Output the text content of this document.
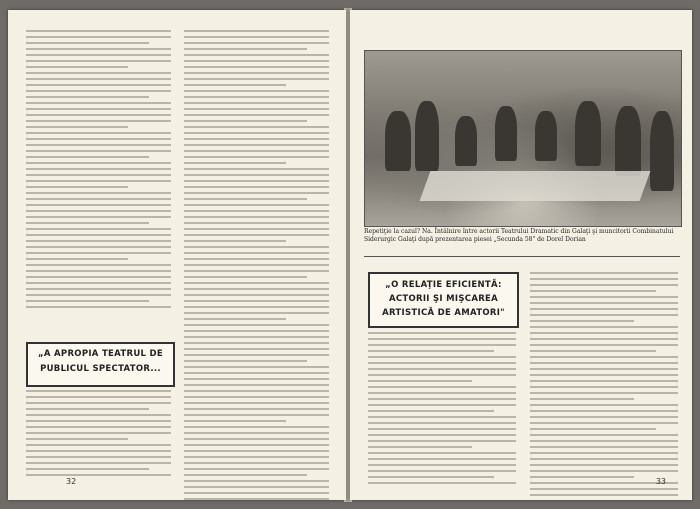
„A APROPIA TEATRUL DE
PUBLICUL SPECTATOR...
32
Repetiţie la cazul? Na. Întâlnire între actorii Teatrului Dramatic din Galaţi şi muncitorii Combinatului Siderurgic Galaţi după prezentarea piesei „Secunda 58" de Dorel Dorian
„O RELAŢIE EFICIENTĂ:
ACTORII ŞI MIŞCAREA
ARTISTICĂ DE AMATORI"
33
